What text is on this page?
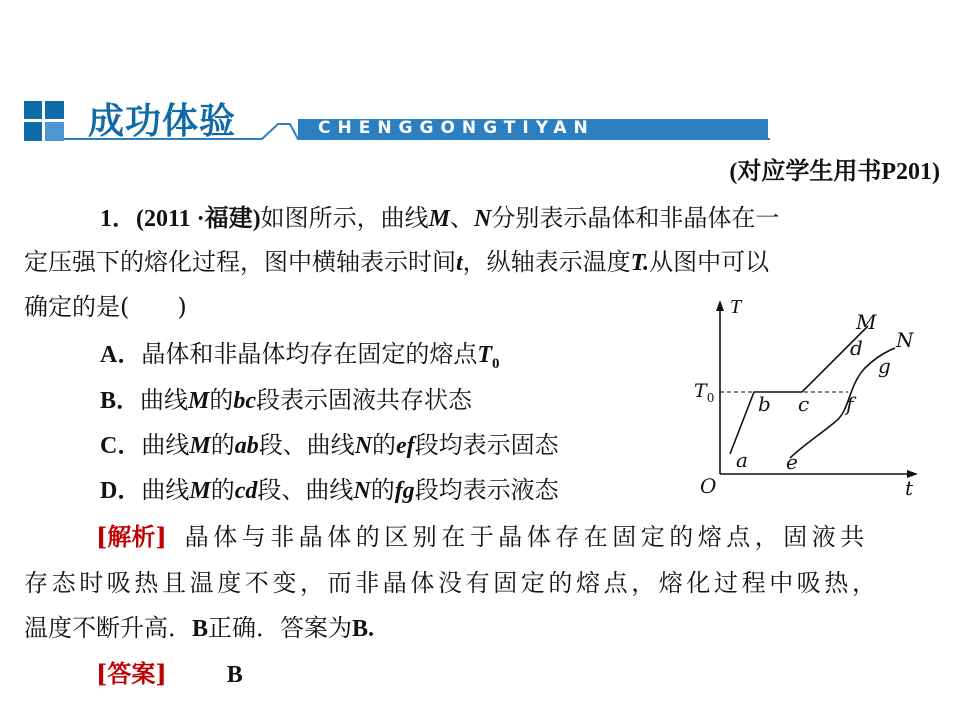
成功体验	CHENGGONGTIYAN
(对应学生用书P201)
1．(2011 ·福建)如图所示，曲线M、N分别表示晶体和非晶体在一
定压强下的熔化过程，图中横轴表示时间t，纵轴表示温度T.从图中可以
确定的是(　　)
A．晶体和非晶体均存在固定的熔点$T_0$
B．曲线M的bc段表示固液共存状态
C．曲线M的ab段、曲线N的ef段均表示固态
D．曲线M的cd段、曲线N的fg段均表示液态
[解析] 晶体与非晶体的区别在于晶体存在固定的熔点，固液共
存态时吸热且温度不变，而非晶体没有固定的熔点，熔化过程中吸热，
温度不断升高．B正确．答案为B.
[答案]	B
T
t
O
$T_0$
M
N
a
b c
d
e
f
g
